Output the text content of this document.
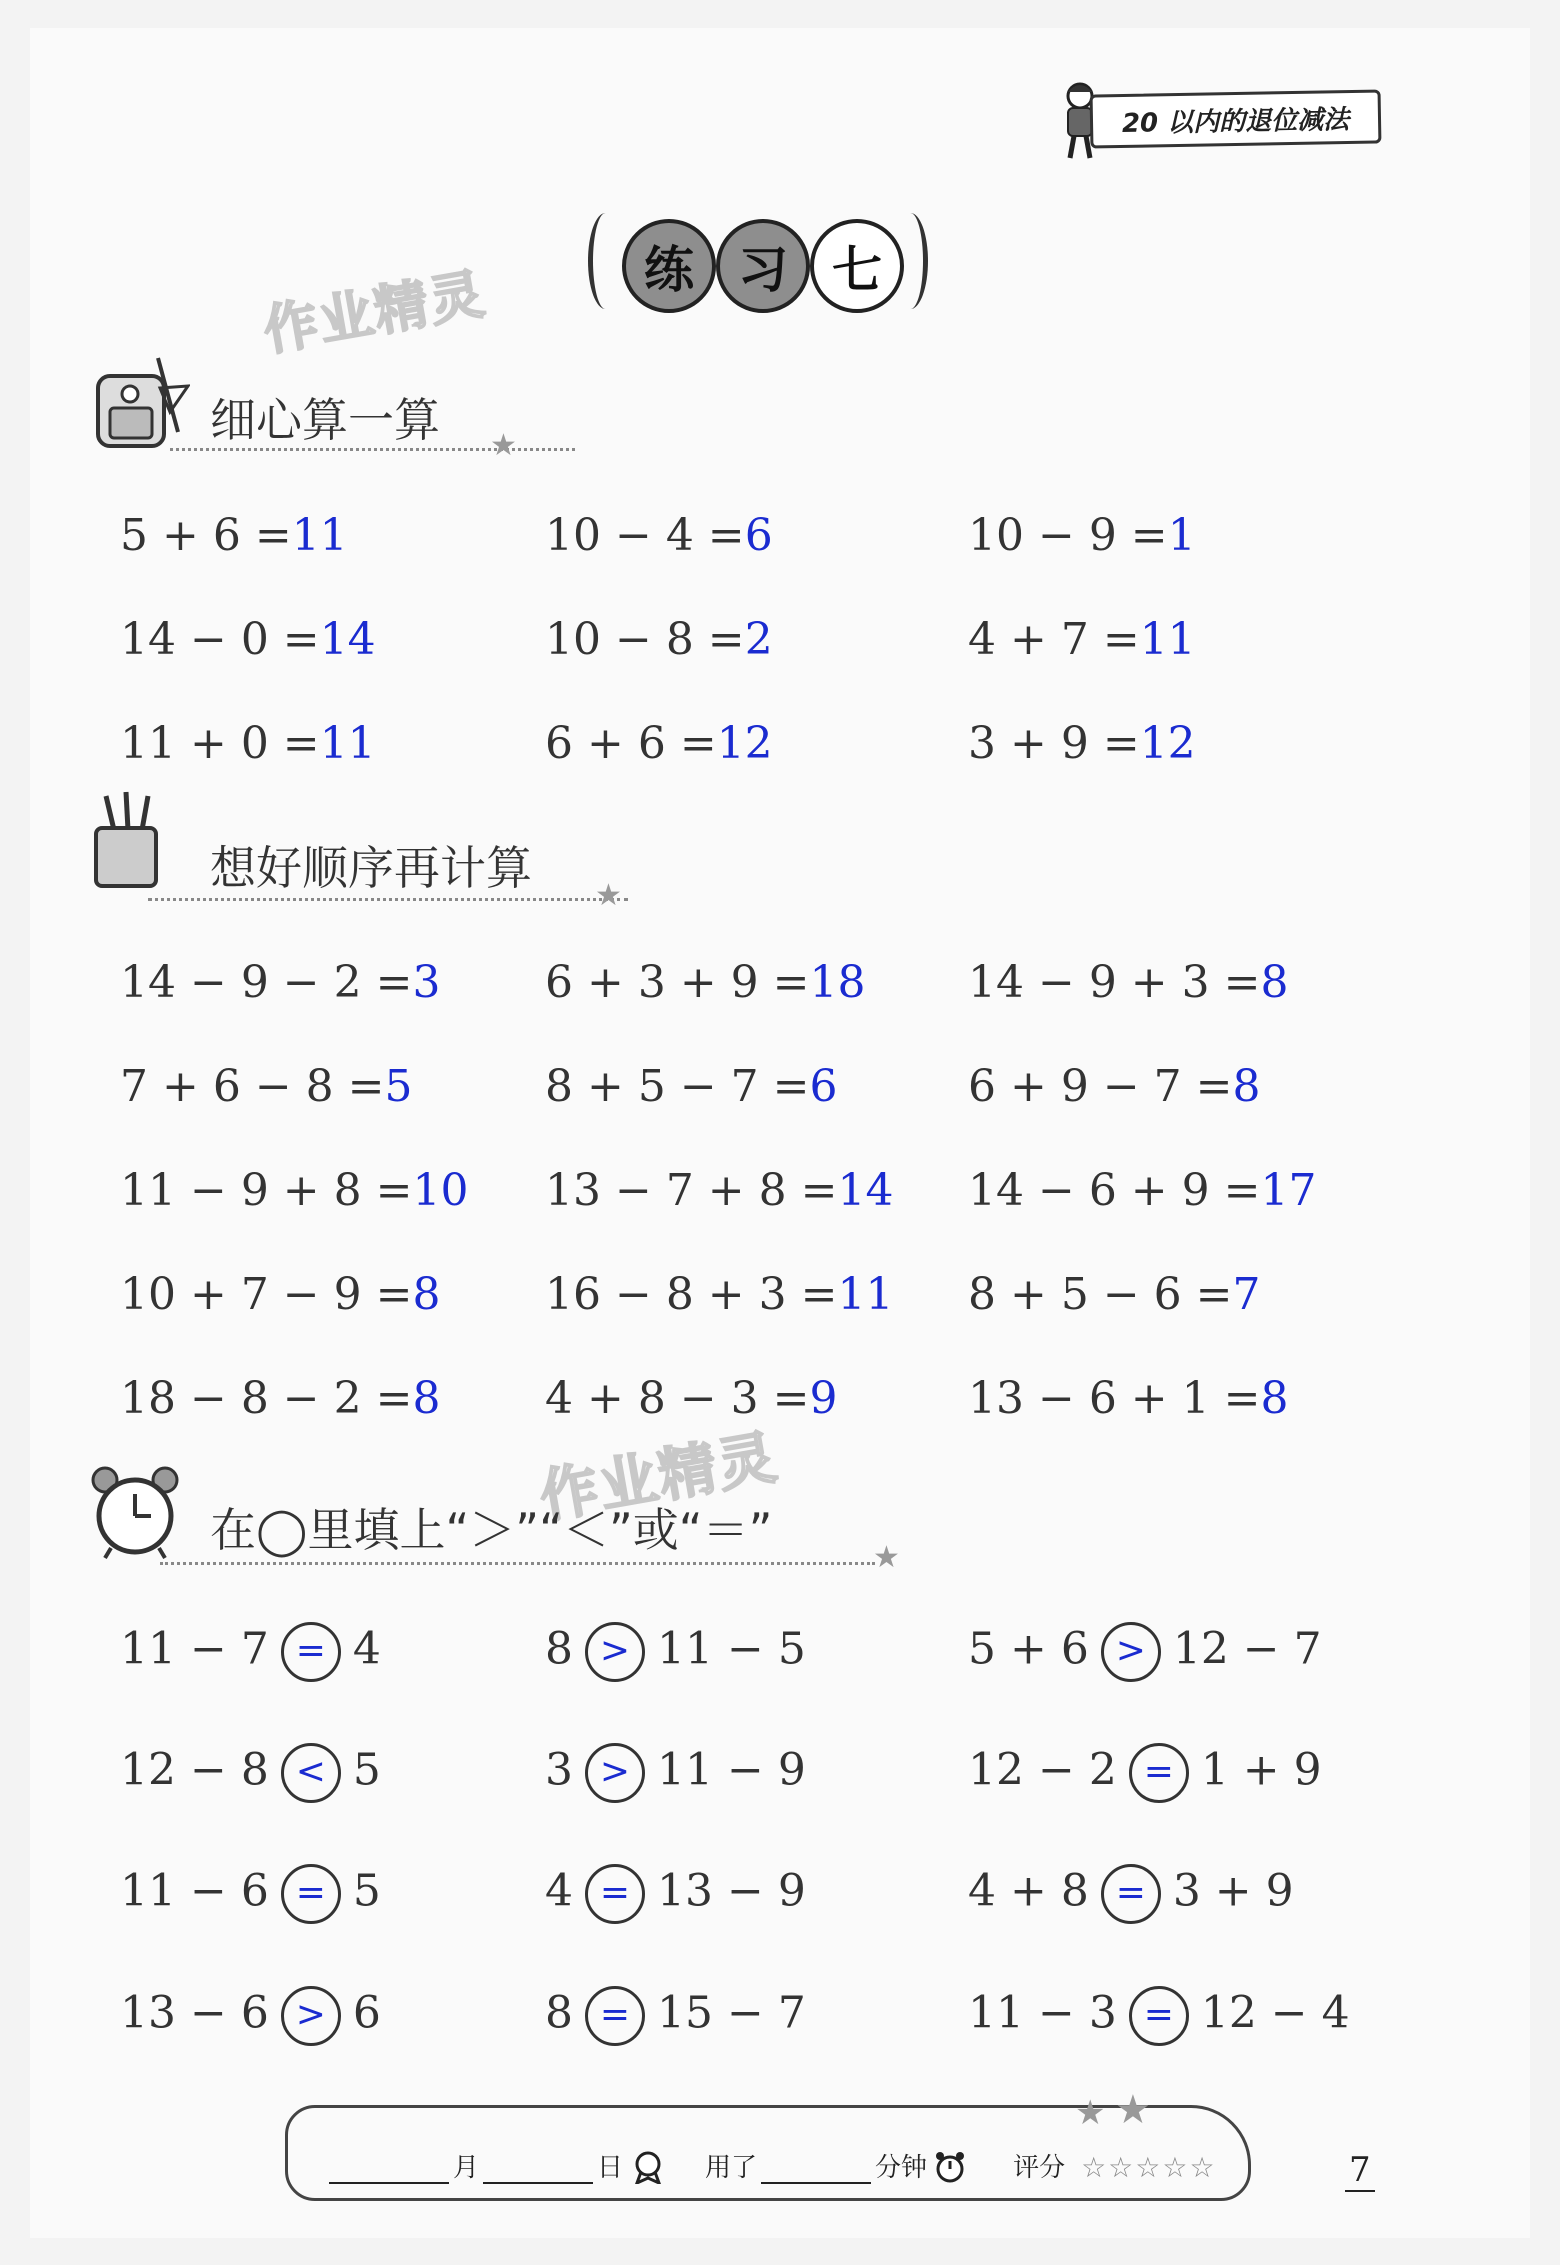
20 以内的退位减法
练 习 七
作业精灵
作业精灵
细心算一算 ★
想好顺序再计算
★
在◯里填上“＞”“＜”或“＝”
★
5 + 6 =11	10 − 4 =6	10 − 9 =1
14 − 0 =14	10 − 8 =2	4 + 7 =11
11 + 0 =11	6 + 6 =12	3 + 9 =12
14 − 9 − 2 =3 6 + 3 + 9 =18 14 − 9 + 3 =8
7 + 6 − 8 =5	8 + 5 − 7 =6	6 + 9 − 7 =8
11 − 9 + 8 =10 13 − 7 + 8 =14 14 − 6 + 9 =17
10 + 7 − 9 =8 16 − 8 + 3 =11 8 + 5 − 6 =7
18 − 8 − 2 =8 4 + 8 − 3 =9	13 − 6 + 1 =8
11 − 7 = 4	8 > 11 − 5	5 + 6 > 12 − 7
12 − 8 < 5	3 > 11 − 9	12 − 2 = 1 + 9
11 − 6 = 5	4 = 13 − 9	4 + 8 = 3 + 9
13 − 6 > 6	8 = 15 − 7	11 − 3 = 12 − 4
★ ★
月	日	用了	分钟	评分 ☆☆☆☆☆	7
